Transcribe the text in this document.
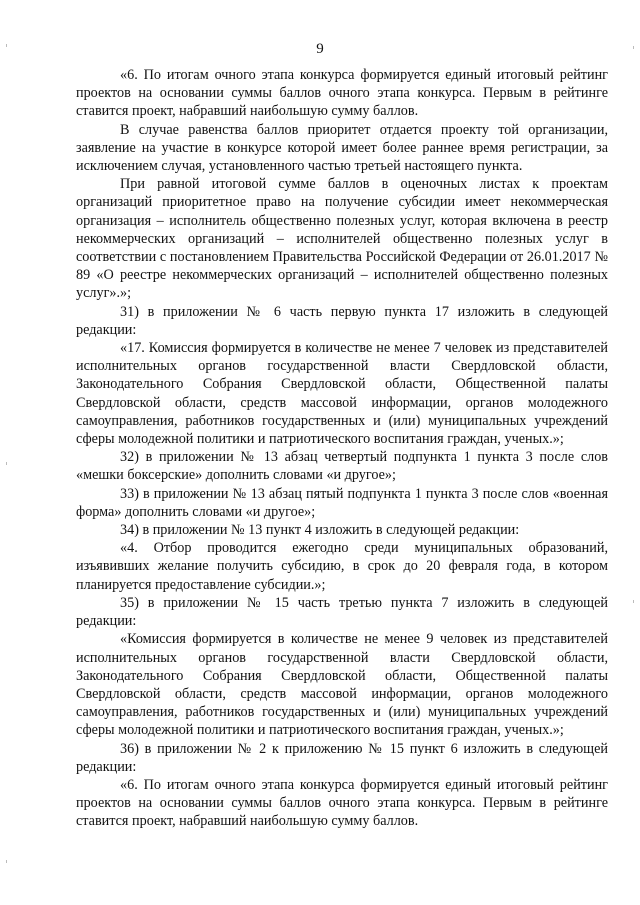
9

«6. По итогам очного этапа конкурса формируется единый итоговый рейтинг проектов на основании суммы баллов очного этапа конкурса. Первым в рейтинге ставится проект, набравший наибольшую сумму баллов.

В случае равенства баллов приоритет отдается проекту той организации, заявление на участие в конкурсе которой имеет более раннее время регистрации, за исключением случая, установленного частью третьей настоящего пункта.

При равной итоговой сумме баллов в оценочных листах к проектам организаций приоритетное право на получение субсидии имеет некоммерческая организация – исполнитель общественно полезных услуг, которая включена в реестр некоммерческих организаций – исполнителей общественно полезных услуг в соответствии с постановлением Правительства Российской Федерации от 26.01.2017 № 89 «О реестре некоммерческих организаций – исполнителей общественно полезных услуг».»;

31) в приложении № 6 часть первую пункта 17 изложить в следующей редакции:

«17. Комиссия формируется в количестве не менее 7 человек из представителей исполнительных органов государственной власти Свердловской области, Законодательного Собрания Свердловской области, Общественной палаты Свердловской области, средств массовой информации, органов молодежного самоуправления, работников государственных и (или) муниципальных учреждений сферы молодежной политики и патриотического воспитания граждан, ученых.»;

32) в приложении № 13 абзац четвертый подпункта 1 пункта 3 после слов «мешки боксерские» дополнить словами «и другое»;

33) в приложении № 13 абзац пятый подпункта 1 пункта 3 после слов «военная форма» дополнить словами «и другое»;

34) в приложении № 13 пункт 4 изложить в следующей редакции:

«4. Отбор проводится ежегодно среди муниципальных образований, изъявивших желание получить субсидию, в срок до 20 февраля года, в котором планируется предоставление субсидии.»;

35) в приложении № 15 часть третью пункта 7 изложить в следующей редакции:

«Комиссия формируется в количестве не менее 9 человек из представителей исполнительных органов государственной власти Свердловской области, Законодательного Собрания Свердловской области, Общественной палаты Свердловской области, средств массовой информации, органов молодежного самоуправления, работников государственных и (или) муниципальных учреждений сферы молодежной политики и патриотического воспитания граждан, ученых.»;

36) в приложении № 2 к приложению № 15 пункт 6 изложить в следующей редакции:

«6. По итогам очного этапа конкурса формируется единый итоговый рейтинг проектов на основании суммы баллов очного этапа конкурса. Первым в рейтинге ставится проект, набравший наибольшую сумму баллов.
